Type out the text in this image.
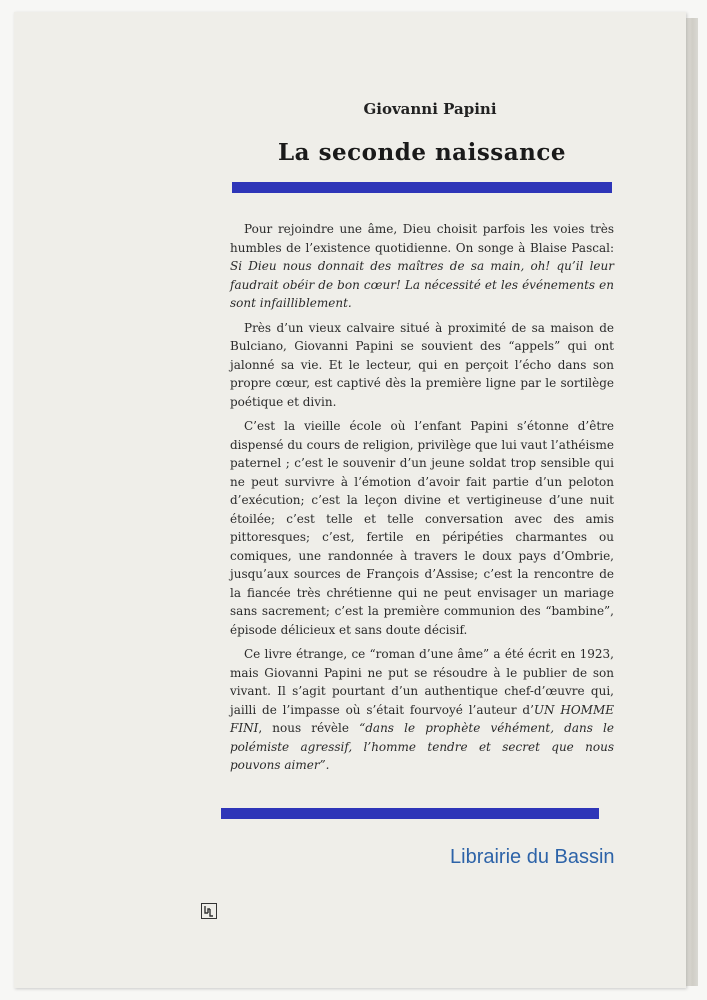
Giovanni Papini
La seconde naissance

Pour rejoindre une âme, Dieu choisit parfois les voies très humbles de l’existence quotidienne. On songe à Blaise Pascal: Si Dieu nous donnait des maîtres de sa main, oh! qu’il leur faudrait obéir de bon cœur! La nécessité et les événements en sont infailliblement.

Près d’un vieux calvaire situé à proximité de sa maison de Bulciano, Giovanni Papini se souvient des “appels” qui ont jalonné sa vie. Et le lecteur, qui en perçoit l’écho dans son propre cœur, est captivé dès la première ligne par le sortilège poétique et divin.

C’est la vieille école où l’enfant Papini s’étonne d’être dispensé du cours de religion, privilège que lui vaut l’athéisme paternel ; c’est le souvenir d’un jeune soldat trop sensible qui ne peut survivre à l’émotion d’avoir fait partie d’un peloton d’exécution; c’est la leçon divine et vertigineuse d’une nuit étoilée; c’est telle et telle conversation avec des amis pittoresques; c’est, fertile en péripéties charmantes ou comiques, une randonnée à travers le doux pays d’Ombrie, jusqu’aux sources de François d’Assise; c’est la rencontre de la fiancée très chrétienne qui ne peut envisager un mariage sans sacrement; c’est la première communion des “bambine”, épisode délicieux et sans doute décisif.

Ce livre étrange, ce “roman d’une âme” a été écrit en 1923, mais Giovanni Papini ne put se résoudre à le publier de son vivant. Il s’agit pourtant d’un authentique chef-d’œuvre qui, jailli de l’impasse où s’était fourvoyé l’auteur d’UN HOMME FINI, nous révèle “dans le prophète véhément, dans le polémiste agressif, l’homme tendre et secret que nous pouvons aimer”.

Librairie du Bassin
